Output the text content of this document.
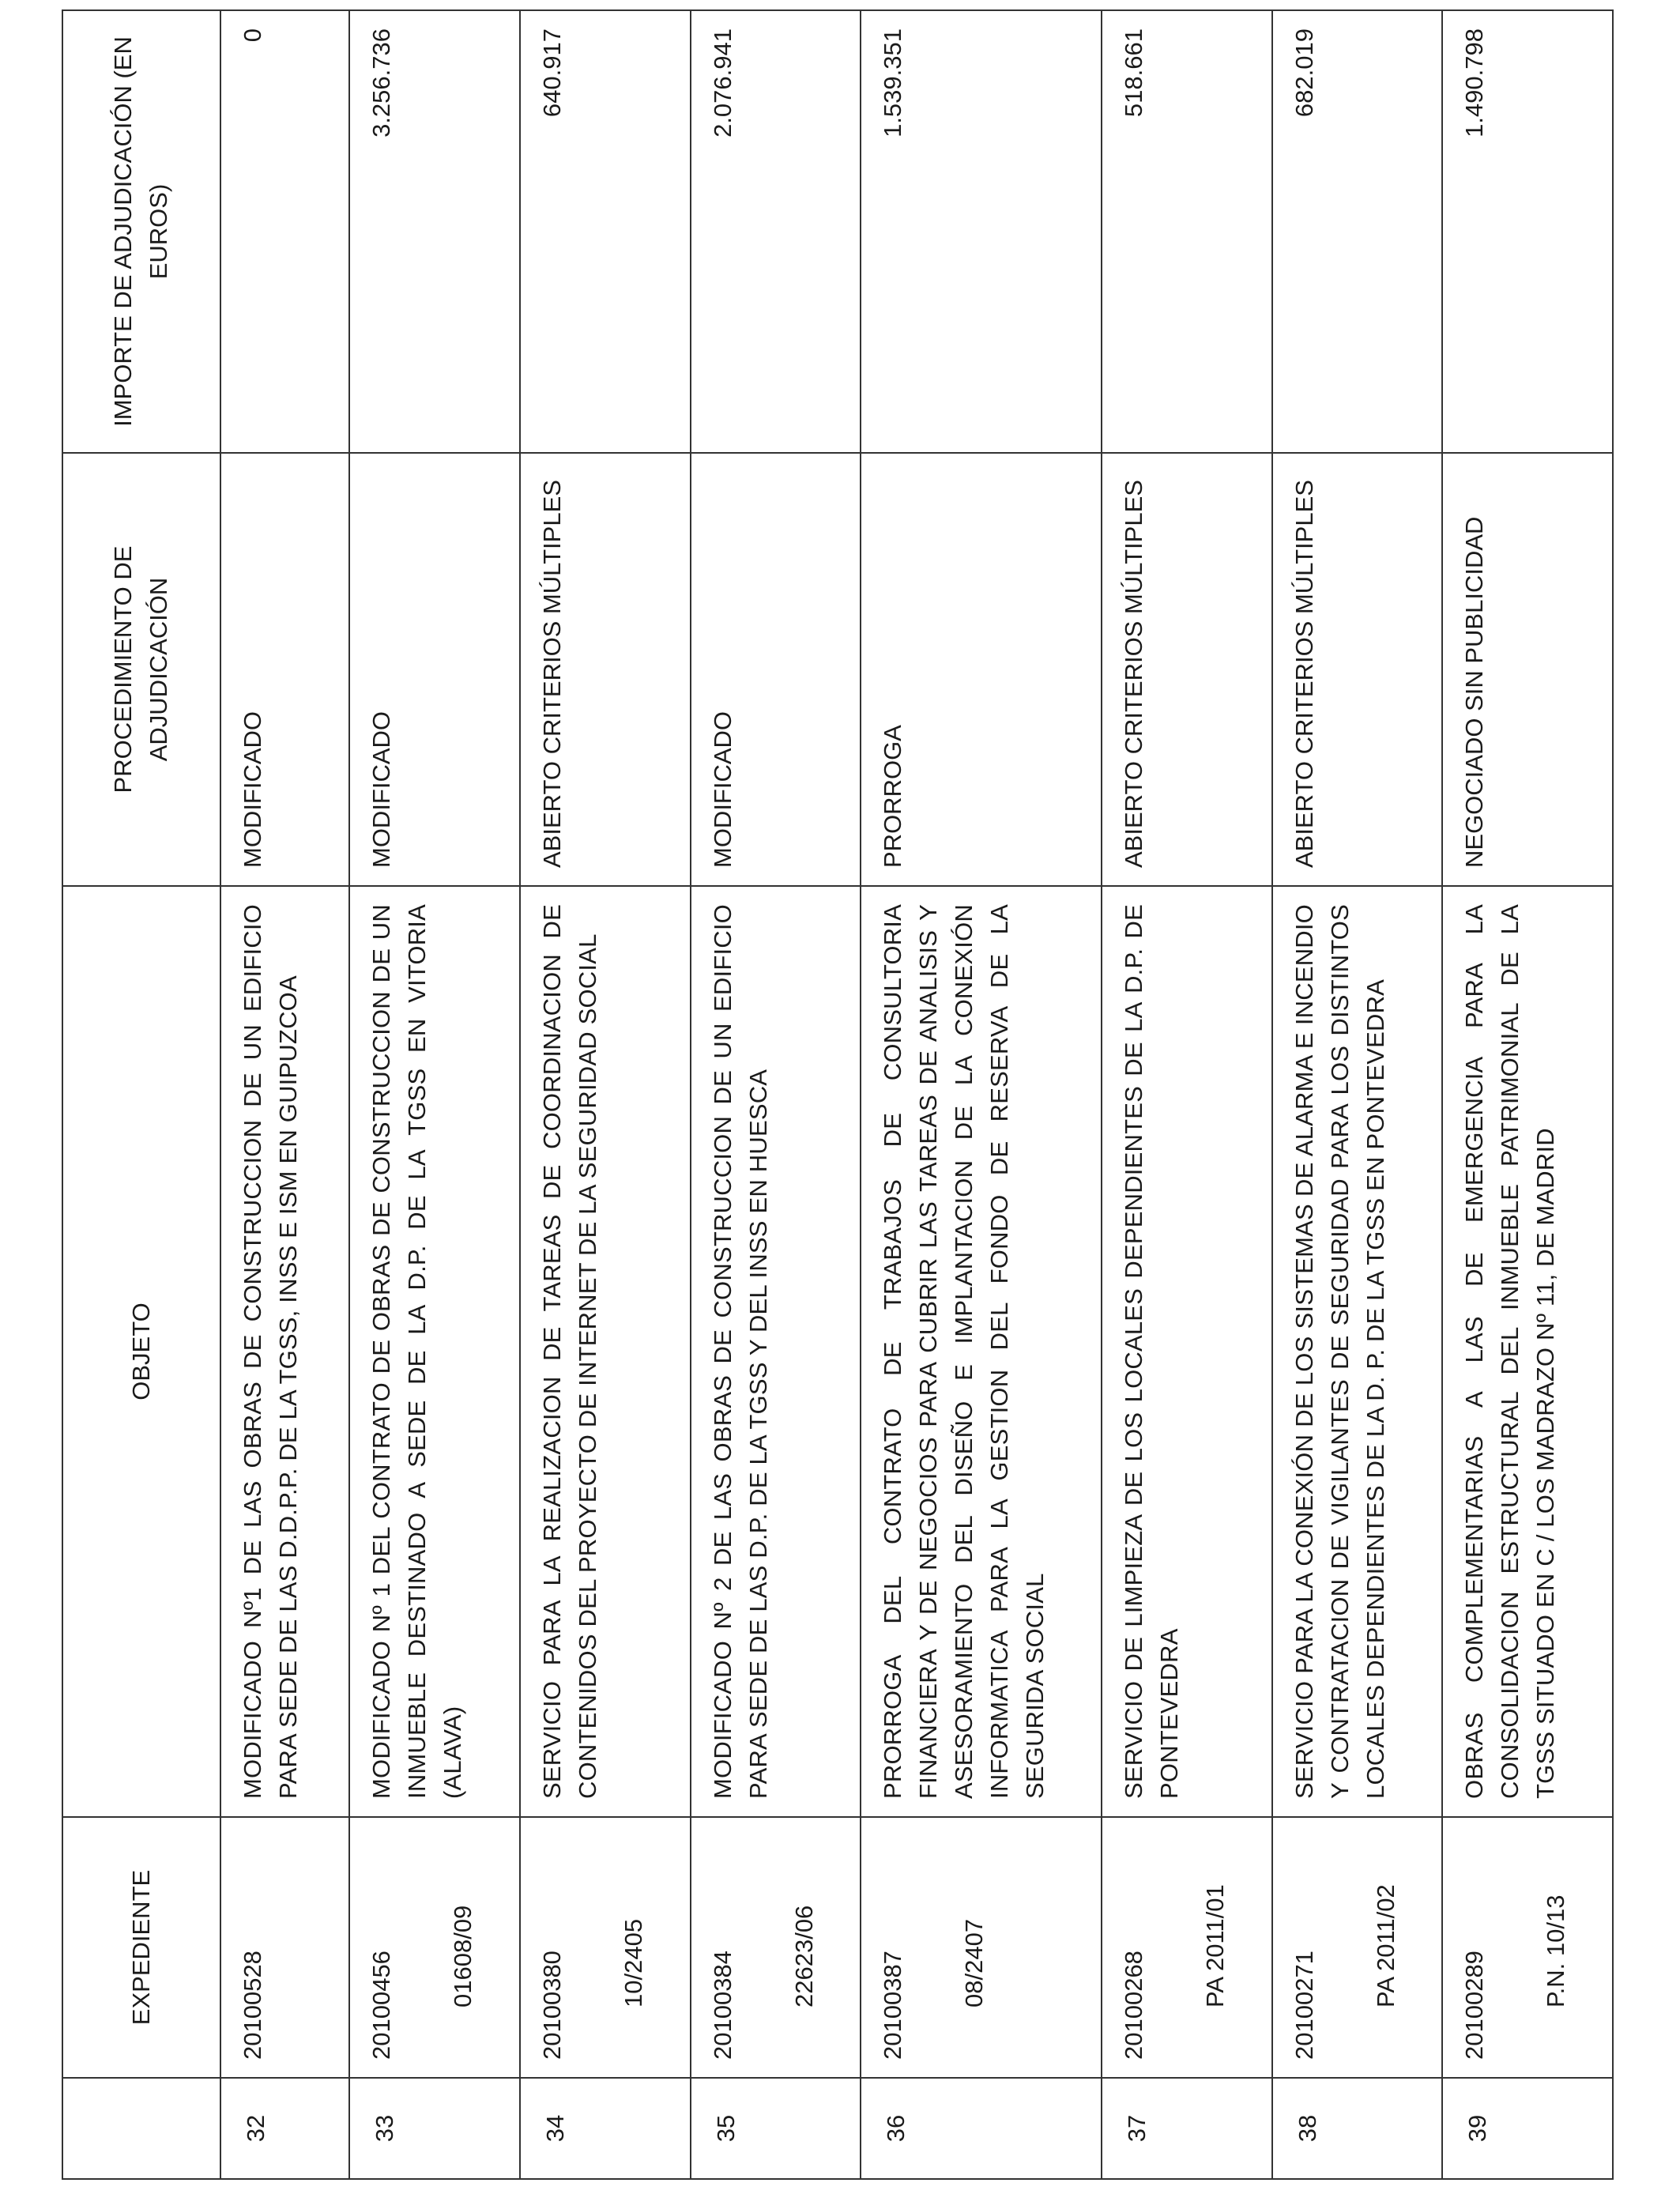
	EXPEDIENTE	OBJETO	PROCEDIMIENTO DE ADJUDICACIÓN	IMPORTE DE ADJUDICACIÓN (EN EUROS)
32	20100528	MODIFICADO Nº1 DE LAS OBRAS DE CONSTRUCCION DE UN EDIFICIO PARA SEDE DE LAS D.D.P.P. DE LA TGSS, INSS E ISM EN GUIPUZCOA	MODIFICADO	0
33	20100456 01608/09	MODIFICADO Nº 1 DEL CONTRATO DE OBRAS DE CONSTRUCCION DE UN INMUEBLE DESTINADO A SEDE DE LA D.P. DE LA TGSS EN VITORIA (ALAVA)	MODIFICADO	3.256.736
34	20100380 10/2405	SERVICIO PARA LA REALIZACION DE TAREAS DE COORDINACION DE CONTENIDOS DEL PROYECTO DE INTERNET DE LA SEGURIDAD SOCIAL	ABIERTO CRITERIOS MÚLTIPLES	640.917
35	20100384 22623/06	MODIFICADO Nº 2 DE LAS OBRAS DE CONSTRUCCION DE UN EDIFICIO PARA SEDE DE LAS D.P. DE LA TGSS Y DEL INSS EN HUESCA	MODIFICADO	2.076.941
36	20100387 08/2407	PRORROGA DEL CONTRATO DE TRABAJOS DE CONSULTORIA FINANCIERA Y DE NEGOCIOS PARA CUBRIR LAS TAREAS DE ANALISIS Y ASESORAMIENTO DEL DISEÑO E IMPLANTACION DE LA CONEXIÓN INFORMATICA PARA LA GESTION DEL FONDO DE RESERVA DE LA SEGURIDA SOCIAL	PRORROGA	1.539.351
37	20100268 PA 2011/01	SERVICIO DE LIMPIEZA DE LOS LOCALES DEPENDIENTES DE LA D.P. DE PONTEVEDRA	ABIERTO CRITERIOS MÚLTIPLES	518.661
38	20100271 PA 2011/02	SERVICIO PARA LA CONEXIÓN DE LOS SISTEMAS DE ALARMA E INCENDIO Y CONTRATACION DE VIGILANTES DE SEGURIDAD PARA LOS DISTINTOS LOCALES DEPENDIENTES DE LA D. P. DE LA TGSS EN PONTEVEDRA	ABIERTO CRITERIOS MÚLTIPLES	682.019
39	20100289 P.N. 10/13	OBRAS COMPLEMENTARIAS A LAS DE EMERGENCIA PARA LA CONSOLIDACION ESTRUCTURAL DEL INMUEBLE PATRIMONIAL DE LA TGSS SITUADO EN C / LOS MADRAZO Nº 11, DE MADRID	NEGOCIADO SIN PUBLICIDAD	1.490.798
